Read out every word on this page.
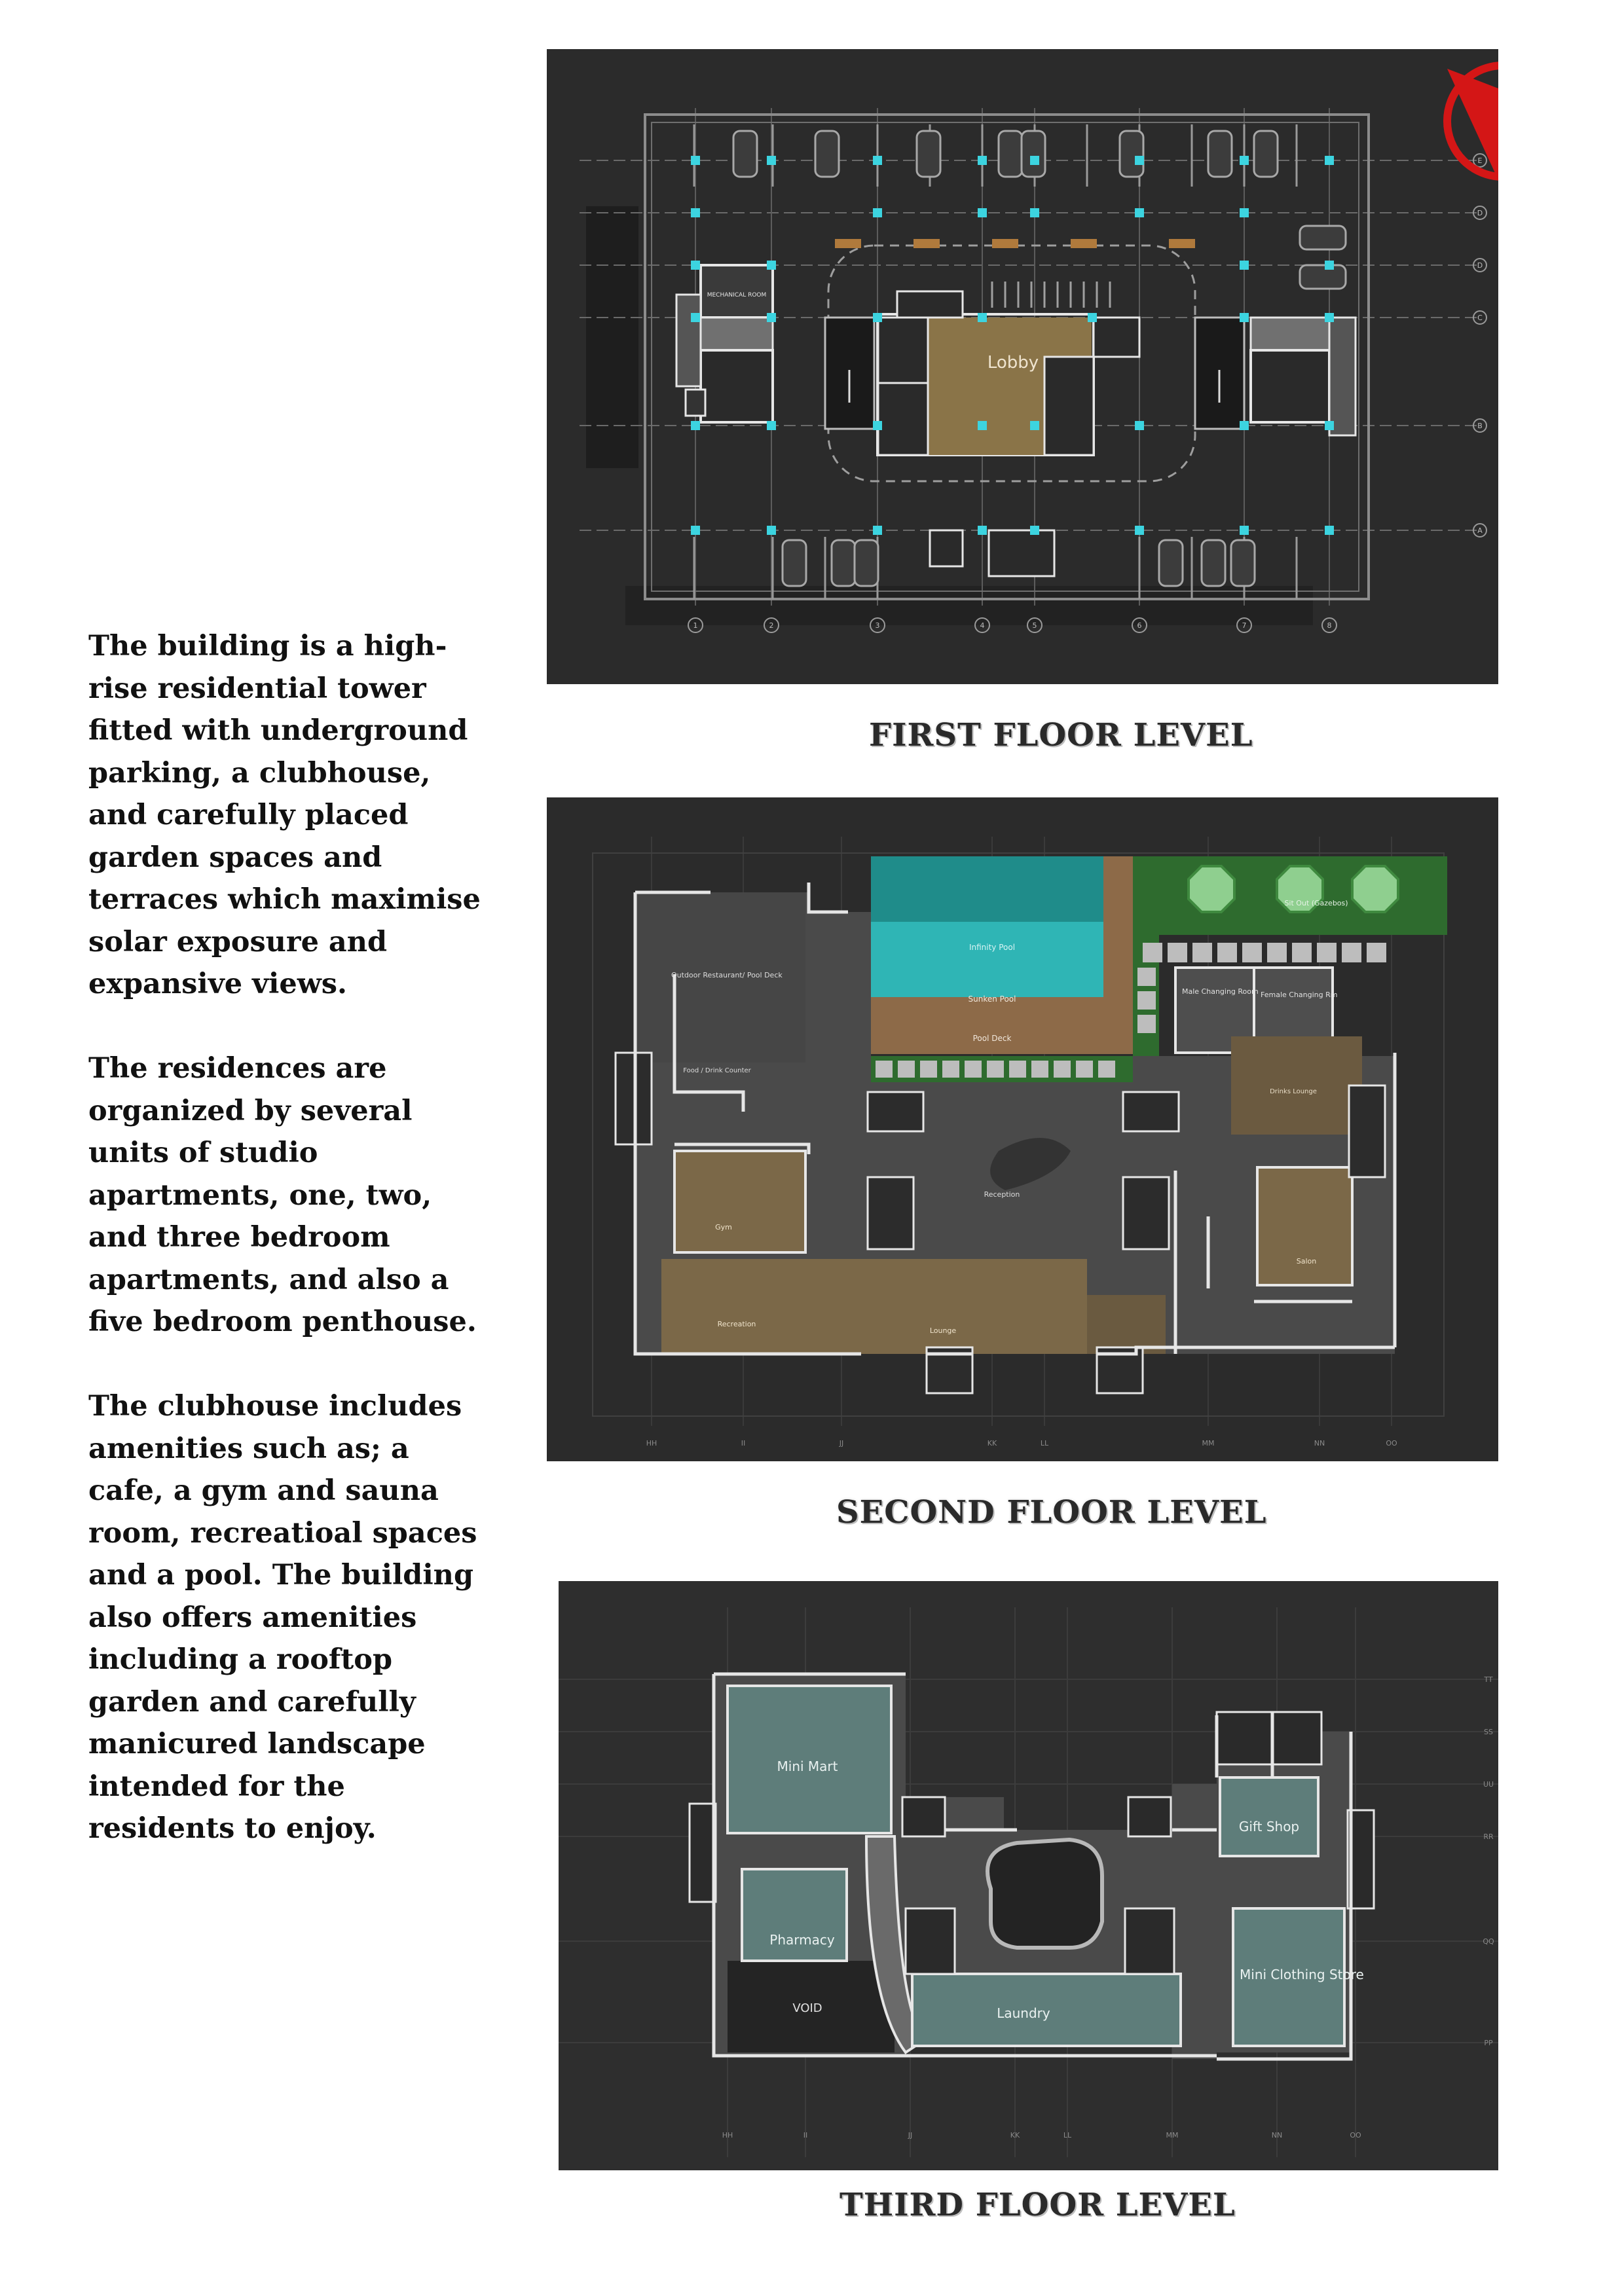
The building is a high-rise residential tower fitted with underground parking, a clubhouse, and carefully placed garden spaces and terraces which maximise solar exposure and expansive views.

The residences are organized by several units of studio apartments, one, two, and three bedroom apartments, and also a five bedroom penthouse.

The clubhouse includes amenities such as; a cafe, a gym and sauna room, recreatioal spaces and a pool. The building also offers amenities including a rooftop garden and carefully manicured landscape intended for the residents to enjoy.

MECHANICAL ROOM
Lobby
1	2	3	4	5	6	7	8
E
D
D
C
B
A
FIRST FLOOR LEVEL
Infinity Pool
Sunken Pool
Pool Deck
Sit Out (Gazebos)
Outdoor Restaurant/ Pool Deck
Food / Drink Counter
Male Changing Room Female Changing Rm
Drinks Lounge
Gym
Recreation
Lounge
Reception
Salon
HH	II	JJ	KK	LL	MM	NN	OO
SECOND FLOOR LEVEL
VOID
Mini Mart
Pharmacy
Laundry
Gift Shop
Mini Clothing Store
HH	II	JJ	KK	LL	MM	NN	OO
TT
SS
UU
RR
QQ
PP
THIRD FLOOR LEVEL
